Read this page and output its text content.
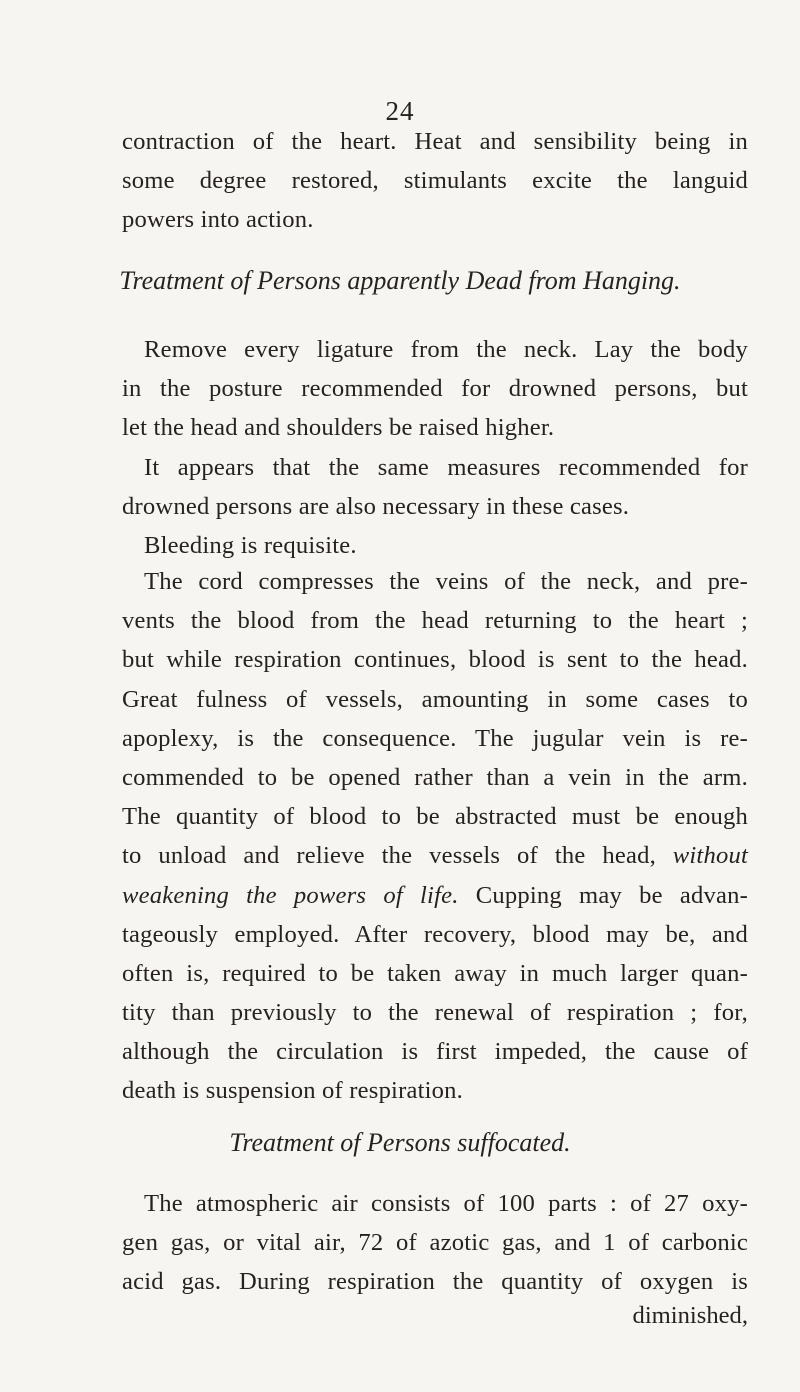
24
contraction of the heart. Heat and sensibility being in
some degree restored, stimulants excite the languid
powers into action.
Treatment of Persons apparently Dead from Hanging.
Remove every ligature from the neck. Lay the body
in the posture recommended for drowned persons, but
let the head and shoulders be raised higher.
It appears that the same measures recommended for
drowned persons are also necessary in these cases.
Bleeding is requisite.
The cord compresses the veins of the neck, and pre-
vents the blood from the head returning to the heart ;
but while respiration continues, blood is sent to the head.
Great fulness of vessels, amounting in some cases to
apoplexy, is the consequence. The jugular vein is re-
commended to be opened rather than a vein in the arm.
The quantity of blood to be abstracted must be enough
to unload and relieve the vessels of the head, without
weakening the powers of life. Cupping may be advan-
tageously employed. After recovery, blood may be, and
often is, required to be taken away in much larger quan-
tity than previously to the renewal of respiration ; for,
although the circulation is first impeded, the cause of
death is suspension of respiration.
Treatment of Persons suffocated.
The atmospheric air consists of 100 parts : of 27 oxy-
gen gas, or vital air, 72 of azotic gas, and 1 of carbonic
acid gas. During respiration the quantity of oxygen is
diminished,
